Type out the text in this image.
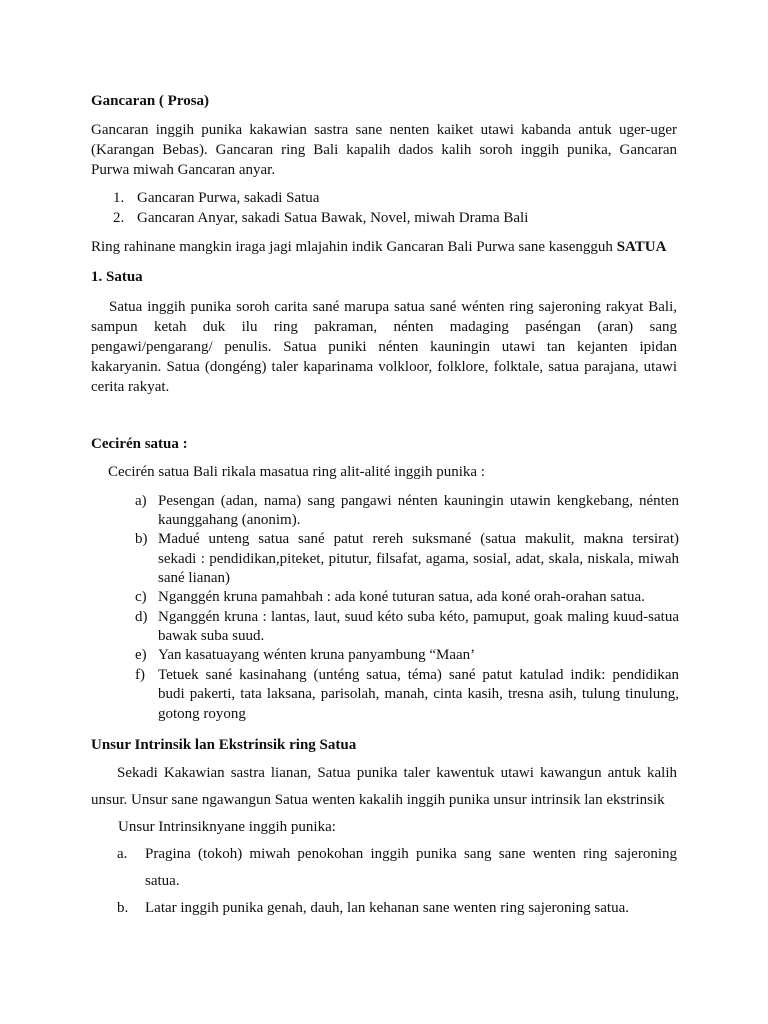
Gancaran ( Prosa)
Gancaran inggih punika kakawian sastra sane nenten kaiket utawi kabanda antuk uger-uger
(Karangan Bebas). Gancaran ring Bali kapalih dados kalih soroh inggih punika, Gancaran
Purwa miwah Gancaran anyar.
1. Gancaran Purwa, sakadi Satua
2. Gancaran Anyar, sakadi Satua Bawak, Novel, miwah Drama Bali
Ring rahinane mangkin iraga jagi mlajahin indik Gancaran Bali Purwa sane kasengguh SATUA
1. Satua
Satua inggih punika soroh carita sané marupa satua sané wénten ring sajeroning rakyat Bali,
sampun ketah duk ilu ring pakraman, nénten madaging paséngan (aran) sang
pengawi/pengarang/ penulis. Satua puniki nénten kauningin utawi tan kejanten ipidan
kakaryanin. Satua (dongéng) taler kaparinama volkloor, folklore, folktale, satua parajana, utawi
cerita rakyat.
Cecirén satua :
Cecirén satua Bali rikala masatua ring alit-alité inggih punika :
a) Pesengan (adan, nama) sang pangawi nénten kauningin utawin kengkebang, nénten
kaunggahang (anonim).
b) Madué unteng satua sané patut rereh suksmané (satua makulit, makna tersirat)
sekadi : pendidikan,piteket, pitutur, filsafat, agama, sosial, adat, skala, niskala, miwah
sané lianan)
c) Nganggén kruna pamahbah : ada koné tuturan satua, ada koné orah-orahan satua.
d) Nganggén kruna : lantas, laut, suud kéto suba kéto, pamuput, goak maling kuud-satua
bawak suba suud.
e) Yan kasatuayang wénten kruna panyambung “Maan’
f) Tetuek sané kasinahang (unténg satua, téma) sané patut katulad indik: pendidikan
budi pakerti, tata laksana, parisolah, manah, cinta kasih, tresna asih, tulung tinulung,
gotong royong
Unsur Intrinsik lan Ekstrinsik ring Satua
Sekadi Kakawian sastra lianan, Satua punika taler kawentuk utawi kawangun antuk kalih
unsur. Unsur sane ngawangun Satua wenten kakalih inggih punika unsur intrinsik lan ekstrinsik
Unsur Intrinsiknyane inggih punika:
a. Pragina (tokoh) miwah penokohan inggih punika sang sane wenten ring sajeroning
satua.
b. Latar inggih punika genah, dauh, lan kehanan sane wenten ring sajeroning satua.
